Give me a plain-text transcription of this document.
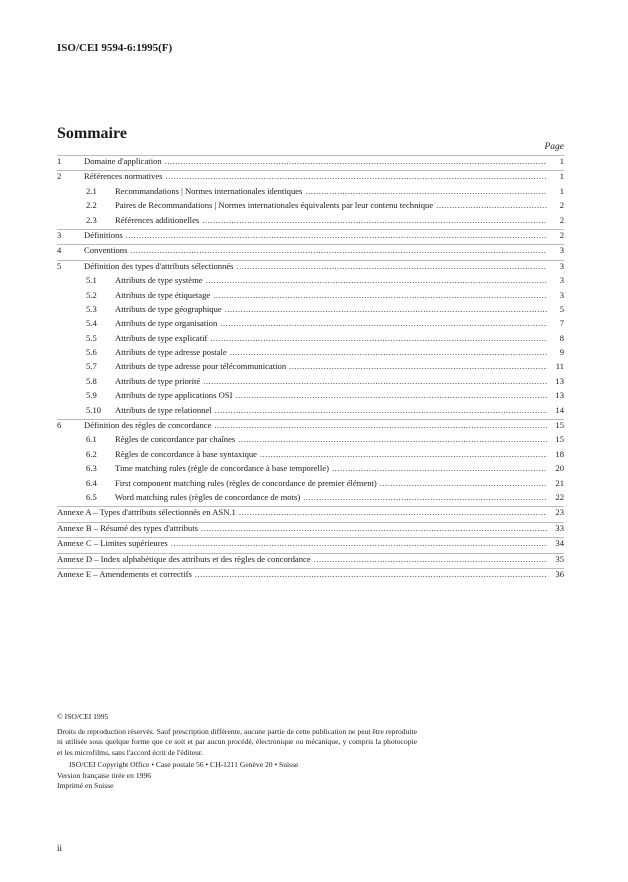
ISO/CEI 9594-6:1995(F)
Sommaire
Page
1	Domaine d'application .....	1
2	Références normatives .....	1
2.1	Recommandations | Normes internationales identiques .....	1
2.2	Paires de Recommandations | Normes internationales équivalents par leur contenu technique .....	2
2.3	Références additionelles .....	2
3	Définitions .....	2
4	Conventions .....	3
5	Définition des types d'attributs sélectionnés .....	3
5.1	Attributs de type système .....	3
5.2	Attributs de type étiquetage .....	3
5.3	Attributs de type géographique .....	5
5.4	Attributs de type organisation .....	7
5.5	Attributs de type explicatif .....	8
5.6	Attributs de type adresse postale .....	9
5.7	Attributs de type adresse pour télécommunication .....	11
5.8	Attributs de type priorité .....	13
5.9	Attributs de type applications OSI .....	13
5.10	Attributs de type relationnel .....	14
6	Définition des règles de concordance .....	15
6.1	Règles de concordance par chaînes .....	15
6.2	Règles de concordance à base syntaxique .....	18
6.3	Time matching rules (règle de concordance à base temporelle) .....	20
6.4	First component matching rules (règles de concordance de premier élément) .....	21
6.5	Word matching rules (règles de concordance de mots) .....	22
Annexe A – Types d'attributs sélectionnés en ASN.1 .....	23
Annexe B – Résumé des types d'attributs .....	33
Annexe C – Limites supérieures .....	34
Annexe D – Index alphabétique des attributs et des règles de concordance .....	35
Annexe E – Amendements et correctifs .....	36

© ISO/CEI 1995

Droits de reproduction réservés. Sauf prescription différente, aucune partie de cette publication ne peut être reproduite ni utilisée sous quelque forme que ce soit et par aucun procédé, électronique ou mécanique, y compris la photocopie et les microfilms, sans l'accord écrit de l'éditeur.

ISO/CEI Copyright Office • Case postale 56 • CH-1211 Genève 20 • Suisse

Version française tirée en 1996

Imprimé en Suisse

ii
